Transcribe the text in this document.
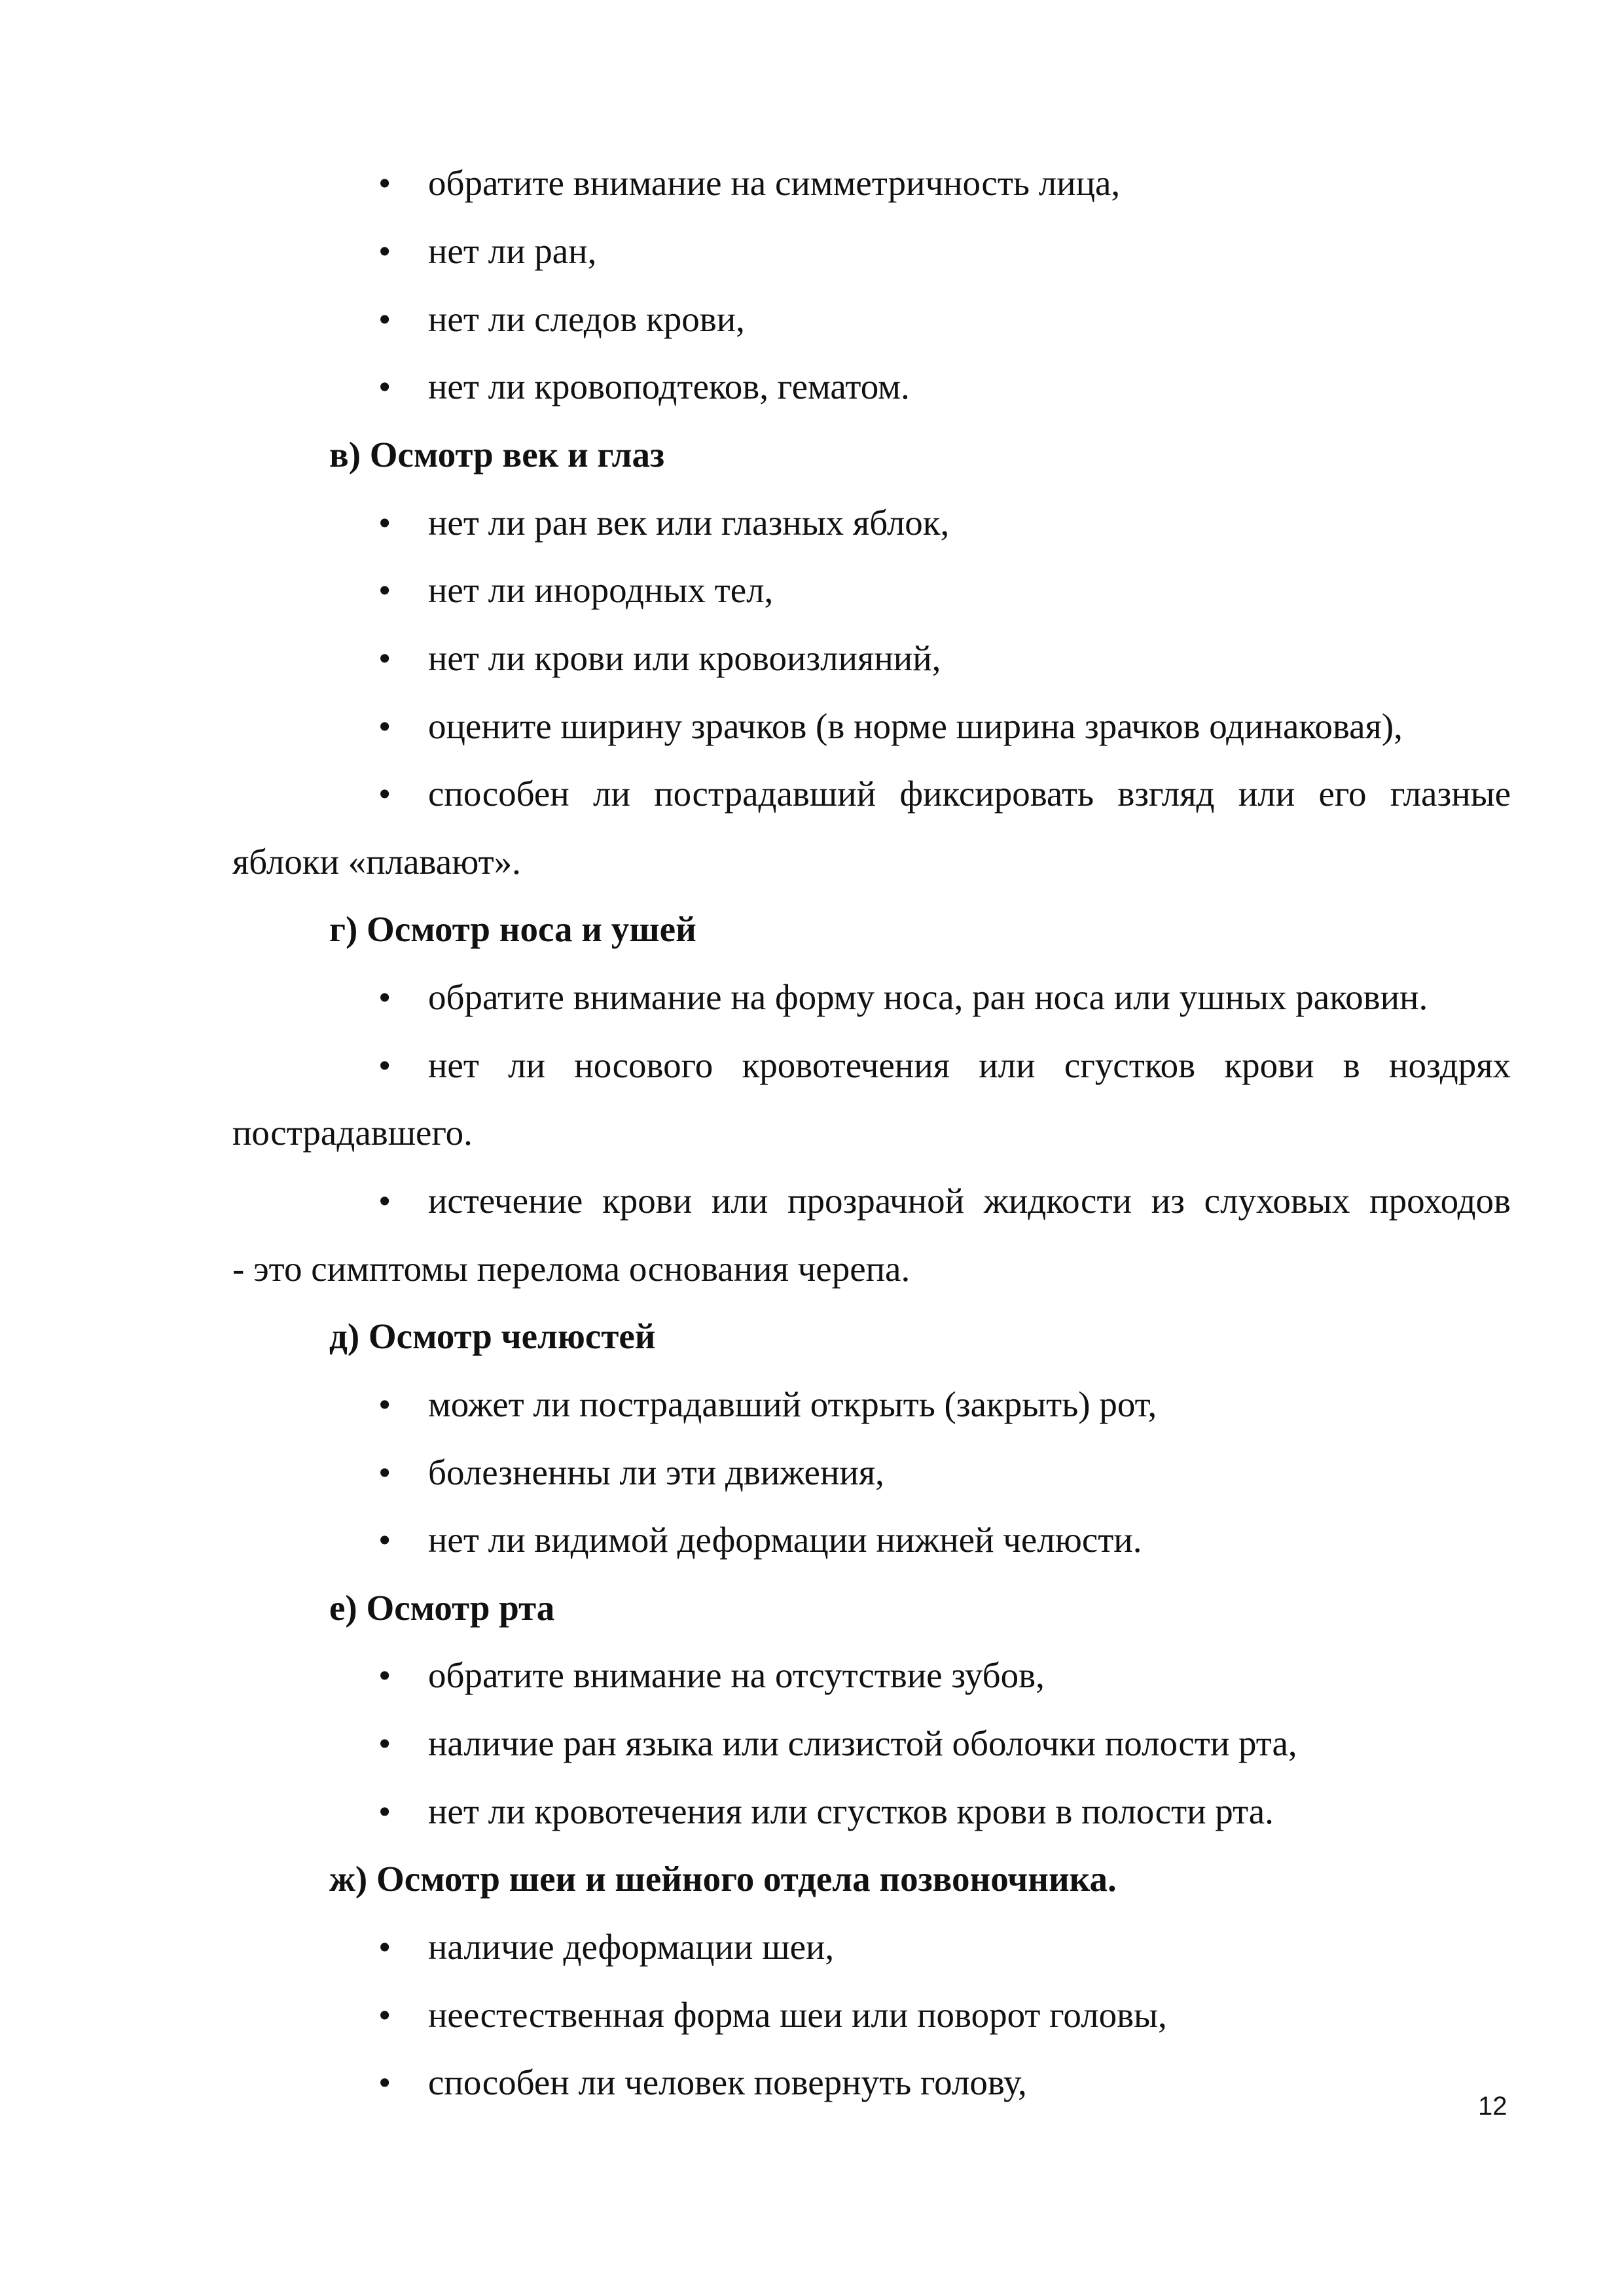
•	обратите внимание на симметричность лица,
•	нет ли ран,
•	нет ли следов крови,
•	нет ли кровоподтеков, гематом.
в) Осмотр век и глаз
•	нет ли ран век или глазных яблок,
•	нет ли инородных тел,
•	нет ли крови или кровоизлияний,
•	оцените ширину зрачков (в норме ширина зрачков одинаковая),
•	способен ли пострадавший фиксировать взгляд или его глазные
яблоки «плавают».
г) Осмотр носа и ушей
•	обратите внимание на форму носа, ран носа или ушных раковин.
•	нет ли носового кровотечения или сгустков крови в ноздрях
пострадавшего.
•	истечение крови или прозрачной жидкости из слуховых проходов
- это симптомы перелома основания черепа.
д) Осмотр челюстей
•	может ли пострадавший открыть (закрыть) рот,
•	болезненны ли эти движения,
•	нет ли видимой деформации нижней челюсти.
е) Осмотр рта
•	обратите внимание на отсутствие зубов,
•	наличие ран языка или слизистой оболочки полости рта,
•	нет ли кровотечения или сгустков крови в полости рта.
ж) Осмотр шеи и шейного отдела позвоночника.
•	наличие деформации шеи,
•	неестественная форма шеи или поворот головы,
•	способен ли человек повернуть голову,
12
